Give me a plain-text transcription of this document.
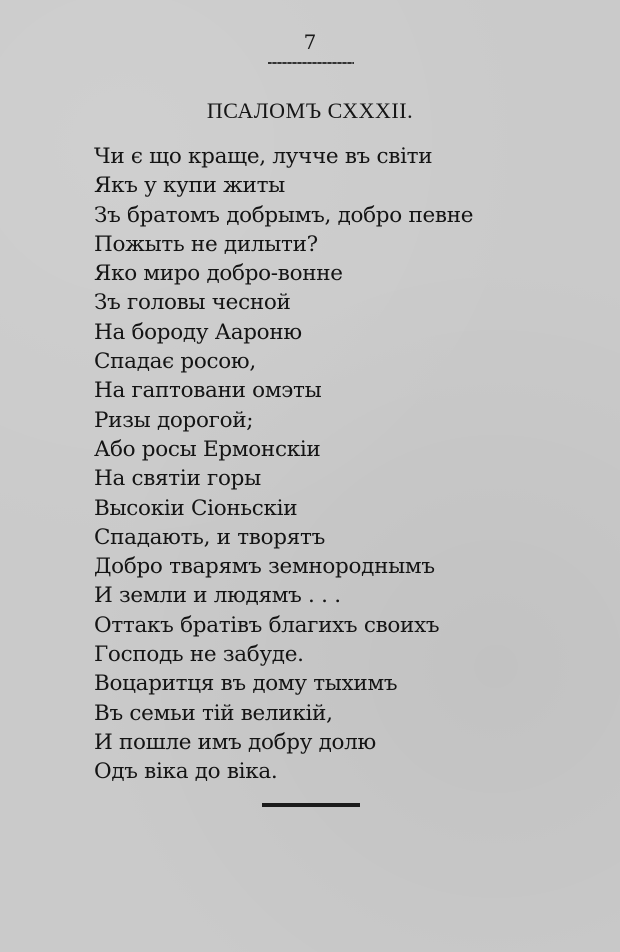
7
ПСАЛОМЪ СХХХII.
Чи є що краще, лучче въ світи
Якъ у купи житы
Зъ братомъ добрымъ, добро певне
Пожыть не дилыти?
Яко миро добро-вонне
Зъ головы чесной
На бороду Аароню
Спадає росою,
На гаптовани омэты
Ризы дорогой;
Або росы Ермонскіи
На святіи горы
Высокіи Сіоньскіи
Спадають, и творятъ
Добро тварямъ земнороднымъ
И земли и людямъ . . .
Оттакъ братівъ благихъ своихъ
Господь не забуде.
Воцаритця въ дому тыхимъ
Въ семьи тій великій,
И пошле имъ добру долю
Одъ віка до віка.
